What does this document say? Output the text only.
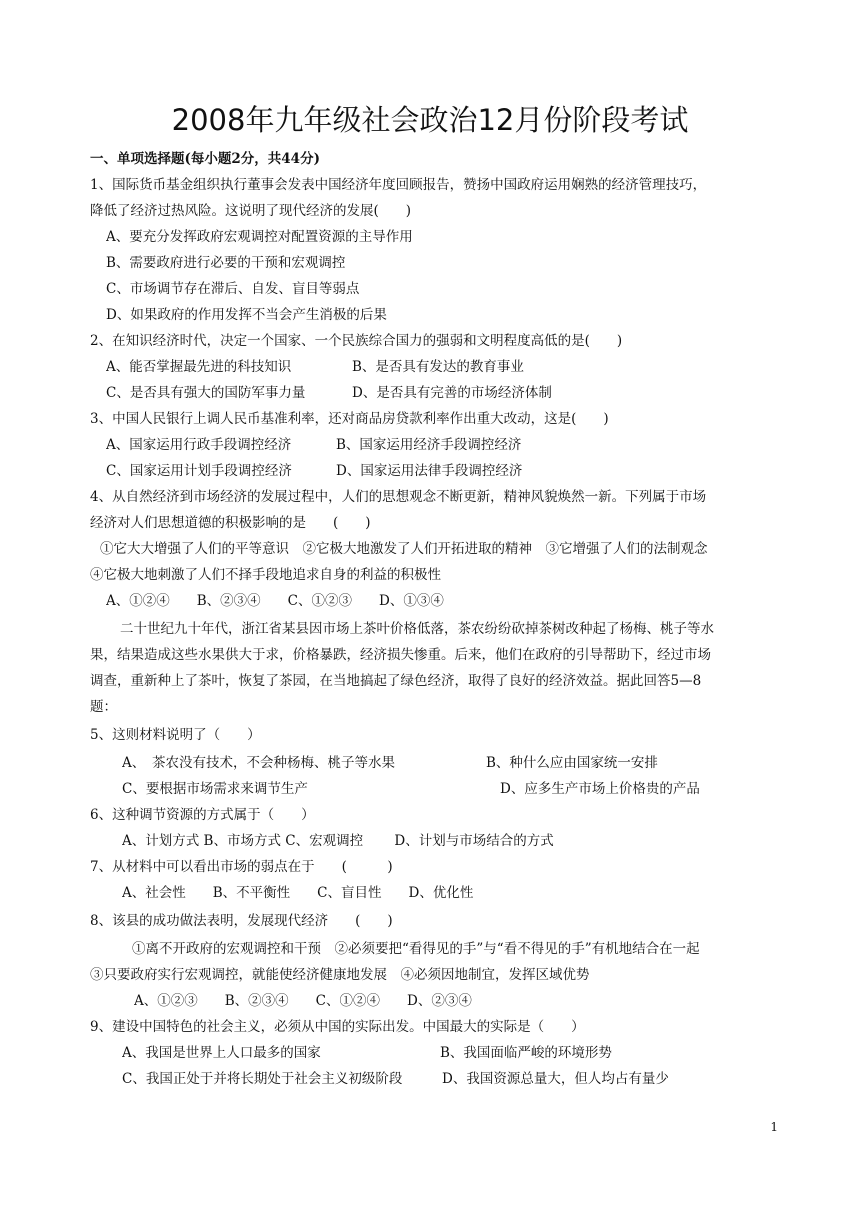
2008年九年级社会政治12月份阶段考试
一、单项选择题(每小题2分，共44分)
1、国际货币基金组织执行董事会发表中国经济年度回顾报告，赞扬中国政府运用娴熟的经济管理技巧，
降低了经济过热风险。这说明了现代经济的发展(　　)
A、要充分发挥政府宏观调控对配置资源的主导作用
B、需要政府进行必要的干预和宏观调控
C、市场调节存在滞后、自发、盲目等弱点
D、如果政府的作用发挥不当会产生消极的后果
2、在知识经济时代，决定一个国家、一个民族综合国力的强弱和文明程度高低的是(　　)
A、能否掌握最先进的科技知识	B、是否具有发达的教育事业
C、是否具有强大的国防军事力量	D、是否具有完善的市场经济体制
3、中国人民银行上调人民币基准利率，还对商品房贷款利率作出重大改动，这是(　　)
A、国家运用行政手段调控经济	B、国家运用经济手段调控经济
C、国家运用计划手段调控经济	D、国家运用法律手段调控经济
4、从自然经济到市场经济的发展过程中，人们的思想观念不断更新，精神风貌焕然一新。下列属于市场
经济对人们思想道德的积极影响的是　　(　　)
①它大大增强了人们的平等意识　②它极大地激发了人们开拓进取的精神　③它增强了人们的法制观念
④它极大地刺激了人们不择手段地追求自身的利益的积极性
A、①②④　　B、②③④　　C、①②③　　D、①③④
二十世纪九十年代，浙江省某县因市场上茶叶价格低落，茶农纷纷砍掉茶树改种起了杨梅、桃子等水
果，结果造成这些水果供大于求，价格暴跌，经济损失惨重。后来，他们在政府的引导帮助下，经过市场
调查，重新种上了茶叶，恢复了茶园，在当地搞起了绿色经济，取得了良好的经济效益。据此回答5—8
题：
5、这则材料说明了（　　）
A、　茶农没有技术，不会种杨梅、桃子等水果	B、种什么应由国家统一安排
C、要根据市场需求来调节生产	D、应多生产市场上价格贵的产品
6、这种调节资源的方式属于（　　）
A、计划方式 B、市场方式 C、宏观调控　　 D、计划与市场结合的方式
7、从材料中可以看出市场的弱点在于　　(　　　)
A、社会性　　B、不平衡性　　C、盲目性　　D、优化性
8、该县的成功做法表明，发展现代经济　　(　　)
①离不开政府的宏观调控和干预　②必须要把“看得见的手”与“看不得见的手”有机地结合在一起
③只要政府实行宏观调控，就能使经济健康地发展　④必须因地制宜，发挥区域优势
A、①②③　　B、②③④　　C、①②④　　D、②③④
9、建设中国特色的社会主义，必须从中国的实际出发。中国最大的实际是（　　）
A、我国是世界上人口最多的国家	B、我国面临严峻的环境形势
C、我国正处于并将长期处于社会主义初级阶段	D、我国资源总量大，但人均占有量少
1
